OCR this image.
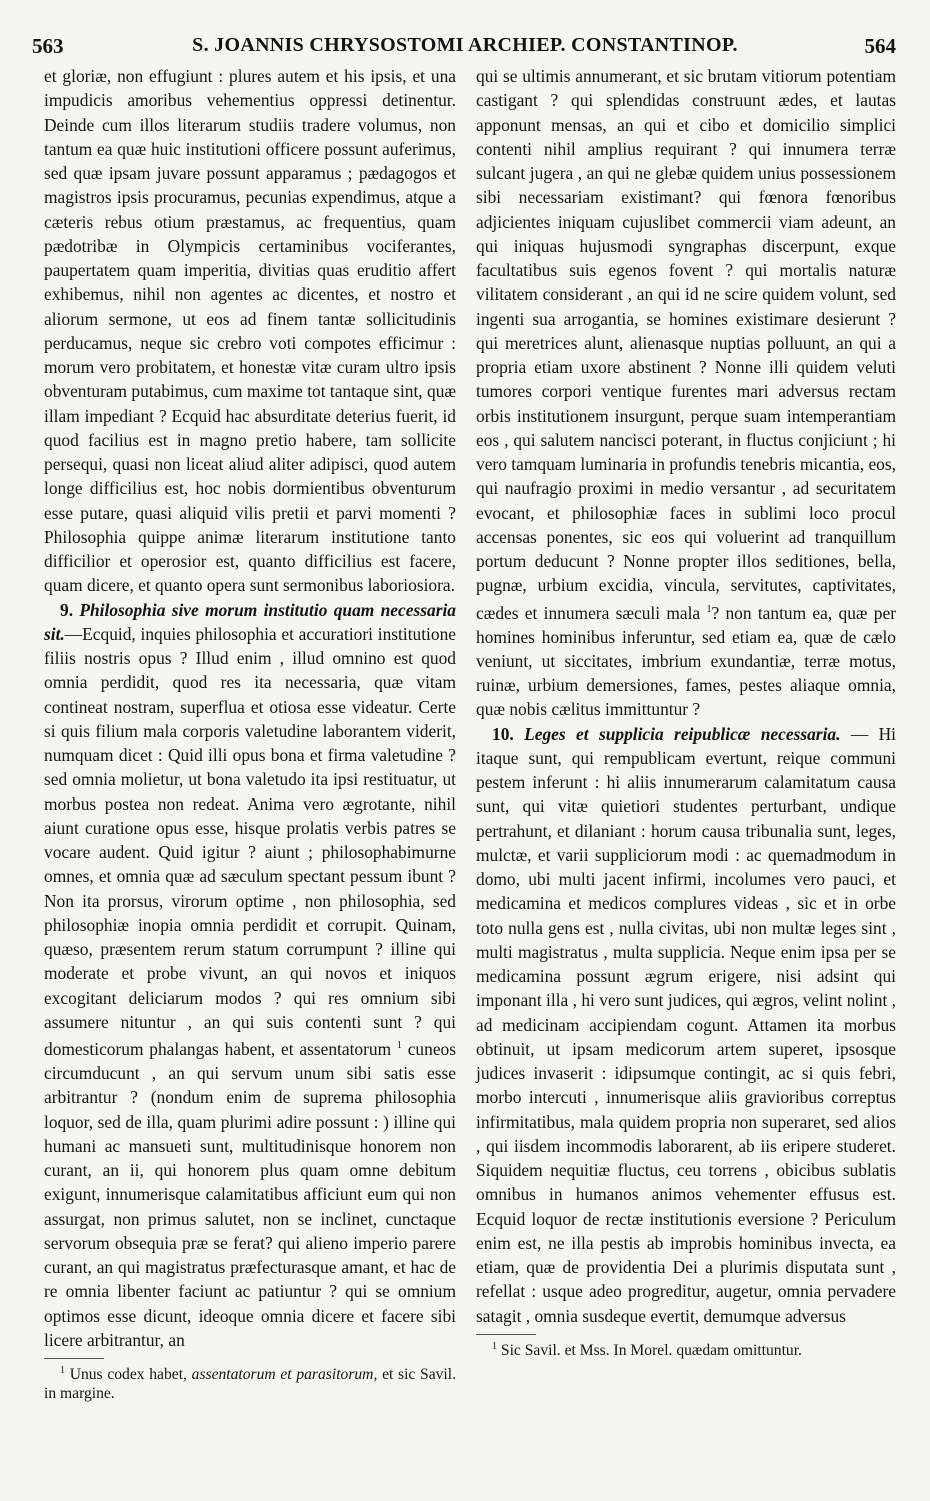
563	S. JOANNIS CHRYSOSTOMI ARCHIEP. CONSTANTINOP.	564

et gloriæ, non effugiunt : plures autem et his ipsis, et una impudicis amoribus vehementius oppressi detinentur. Deinde cum illos literarum studiis tradere volumus, non tantum ea quæ huic institutioni officere possunt auferimus, sed quæ ipsam juvare possunt apparamus ; pædagogos et magistros ipsis procuramus, pecunias expendimus, atque a cæteris rebus otium præstamus, ac frequentius, quam pædotribæ in Olympicis certaminibus vociferantes, paupertatem quam imperitia, divitias quas eruditio affert exhibemus, nihil non agentes ac dicentes, et nostro et aliorum sermone, ut eos ad finem tantæ sollicitudinis perducamus, neque sic crebro voti compotes efficimur : morum vero probitatem, et honestæ vitæ curam ultro ipsis obventuram putabimus, cum maxime tot tantaque sint, quæ illam impediant ? Ecquid hac absurditate deterius fuerit, id quod facilius est in magno pretio habere, tam sollicite persequi, quasi non liceat aliud aliter adipisci, quod autem longe difficilius est, hoc nobis dormientibus obventurum esse putare, quasi aliquid vilis pretii et parvi momenti ? Philosophia quippe animæ literarum institutione tanto difficilior et operosior est, quanto difficilius est facere, quam dicere, et quanto opera sunt sermonibus laboriosiora.

9. Philosophia sive morum institutio quam necessaria sit.—Ecquid, inquies philosophia et accuratiori institutione filiis nostris opus ? Illud enim , illud omnino est quod omnia perdidit, quod res ita necessaria, quæ vitam contineat nostram, superflua et otiosa esse videatur. Certe si quis filium mala corporis valetudine laborantem viderit, numquam dicet : Quid illi opus bona et firma valetudine ? sed omnia molietur, ut bona valetudo ita ipsi restituatur, ut morbus postea non redeat. Anima vero ægrotante, nihil aiunt curatione opus esse, hisque prolatis verbis patres se vocare audent. Quid igitur ? aiunt ; philosophabimurne omnes, et omnia quæ ad sæculum spectant pessum ibunt ? Non ita prorsus, virorum optime , non philosophia, sed philosophiæ inopia omnia perdidit et corrupit. Quinam, quæso, præsentem rerum statum corrumpunt ? illine qui moderate et probe vivunt, an qui novos et iniquos excogitant deliciarum modos ? qui res omnium sibi assumere nituntur , an qui suis contenti sunt ? qui domesticorum phalangas habent, et assentatorum $^1$ cuneos circumducunt , an qui servum unum sibi satis esse arbitrantur ? (nondum enim de suprema philosophia loquor, sed de illa, quam plurimi adire possunt : ) illine qui humani ac mansueti sunt, multitudinisque honorem non curant, an ii, qui honorem plus quam omne debitum exigunt, innumerisque calamitatibus afficiunt eum qui non assurgat, non primus salutet, non se inclinet, cunctaque servorum obsequia præ se ferat? qui alieno imperio parere curant, an qui magistratus præfecturasque amant, et hac de re omnia libenter faciunt ac patiuntur ? qui se omnium optimos esse dicunt, ideoque omnia dicere et facere sibi licere arbitrantur, an

$^1$ Unus codex habet, assentatorum et parasitorum, et sic Savil. in margine.

qui se ultimis annumerant, et sic brutam vitiorum potentiam castigant ? qui splendidas construunt ædes, et lautas apponunt mensas, an qui et cibo et domicilio simplici contenti nihil amplius requirant ? qui innumera terræ sulcant jugera , an qui ne glebæ quidem unius possessionem sibi necessariam existimant? qui fœnora fœnoribus adjicientes iniquam cujuslibet commercii viam adeunt, an qui iniquas hujusmodi syngraphas discerpunt, exque facultatibus suis egenos fovent ? qui mortalis naturæ vilitatem considerant , an qui id ne scire quidem volunt, sed ingenti sua arrogantia, se homines existimare desierunt ? qui meretrices alunt, alienasque nuptias polluunt, an qui a propria etiam uxore abstinent ? Nonne illi quidem veluti tumores corpori ventique furentes mari adversus rectam orbis institutionem insurgunt, perque suam intemperantiam eos , qui salutem nancisci poterant, in fluctus conjiciunt ; hi vero tamquam luminaria in profundis tenebris micantia, eos, qui naufragio proximi in medio versantur , ad securitatem evocant, et philosophiæ faces in sublimi loco procul accensas ponentes, sic eos qui voluerint ad tranquillum portum deducunt ? Nonne propter illos seditiones, bella, pugnæ, urbium excidia, vincula, servitutes, captivitates, cædes et innumera sæculi mala $^1$? non tantum ea, quæ per homines hominibus inferuntur, sed etiam ea, quæ de cælo veniunt, ut siccitates, imbrium exundantiæ, terræ motus, ruinæ, urbium demersiones, fames, pestes aliaque omnia, quæ nobis cælitus immittuntur ?

10. Leges et supplicia reipublicæ necessaria. — Hi itaque sunt, qui rempublicam evertunt, reique communi pestem inferunt : hi aliis innumerarum calamitatum causa sunt, qui vitæ quietiori studentes perturbant, undique pertrahunt, et dilaniant : horum causa tribunalia sunt, leges, mulctæ, et varii suppliciorum modi : ac quemadmodum in domo, ubi multi jacent infirmi, incolumes vero pauci, et medicamina et medicos complures videas , sic et in orbe toto nulla gens est , nulla civitas, ubi non multæ leges sint , multi magistratus , multa supplicia. Neque enim ipsa per se medicamina possunt ægrum erigere, nisi adsint qui imponant illa , hi vero sunt judices, qui ægros, velint nolint , ad medicinam accipiendam cogunt. Attamen ita morbus obtinuit, ut ipsam medicorum artem superet, ipsosque judices invaserit : idipsumque contingit, ac si quis febri, morbo intercuti , innumerisque aliis gravioribus correptus infirmitatibus, mala quidem propria non superaret, sed alios , qui iisdem incommodis laborarent, ab iis eripere studeret. Siquidem nequitiæ fluctus, ceu torrens , obicibus sublatis omnibus in humanos animos vehementer effusus est. Ecquid loquor de rectæ institutionis eversione ? Periculum enim est, ne illa pestis ab improbis hominibus invecta, ea etiam, quæ de providentia Dei a plurimis disputata sunt , refellat : usque adeo progreditur, augetur, omnia pervadere satagit , omnia susdeque evertit, demumque adversus

$^1$ Sic Savil. et Mss. In Morel. quædam omittuntur.
